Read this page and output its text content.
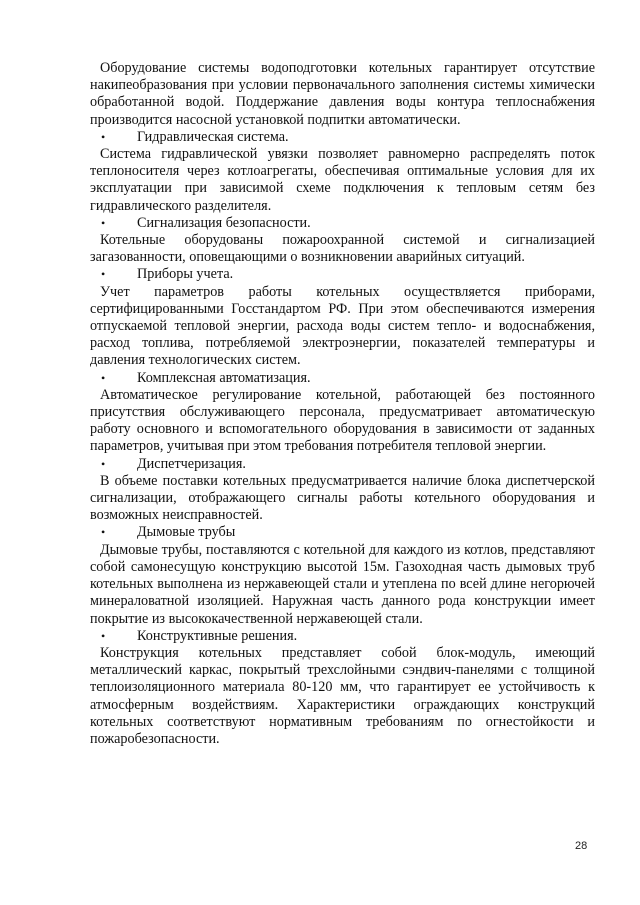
Оборудование системы водоподготовки котельных гарантирует отсутствие накипеобразования при условии первоначального заполнения системы химически обработанной водой. Поддержание давления воды контура теплоснабжения производится насосной установкой подпитки автоматически.

•	Гидравлическая система.

Система гидравлической увязки позволяет равномерно распределять поток теплоносителя через котлоагрегаты, обеспечивая оптимальные условия для их эксплуатации при зависимой схеме подключения к тепловым сетям без гидравлического разделителя.

•	Сигнализация безопасности.

Котельные оборудованы пожароохранной системой и сигнализацией загазованности, оповещающими о возникновении аварийных ситуаций.

•	Приборы учета.

Учет параметров работы котельных осуществляется приборами, сертифицированными Госстандартом РФ. При этом обеспечиваются измерения отпускаемой тепловой энергии, расхода воды систем тепло- и водоснабжения, расход топлива, потребляемой электроэнергии, показателей температуры и давления технологических систем.

•	Комплексная автоматизация.

Автоматическое регулирование котельной, работающей без постоянного присутствия обслуживающего персонала, предусматривает автоматическую работу основного и вспомогательного оборудования в зависимости от заданных параметров, учитывая при этом требования потребителя тепловой энергии.

•	Диспетчеризация.

В объеме поставки котельных предусматривается наличие блока диспетчерской сигнализации, отображающего сигналы работы котельного оборудования и возможных неисправностей.

•	Дымовые трубы

Дымовые трубы, поставляются с котельной для каждого из котлов, представляют собой самонесущую конструкцию высотой 15м. Газоходная часть дымовых труб котельных выполнена из нержавеющей стали и утеплена по всей длине негорючей минераловатной изоляцией. Наружная часть данного рода конструкции имеет покрытие из высококачественной нержавеющей стали.

•	Конструктивные решения.

Конструкция котельных представляет собой блок-модуль, имеющий металлический каркас, покрытый трехслойными сэндвич-панелями с толщиной теплоизоляционного материала 80-120 мм, что гарантирует ее устойчивость к атмосферным воздействиям. Характеристики ограждающих конструкций котельных соответствуют нормативным требованиям по огнестойкости и пожаробезопасности.

28
